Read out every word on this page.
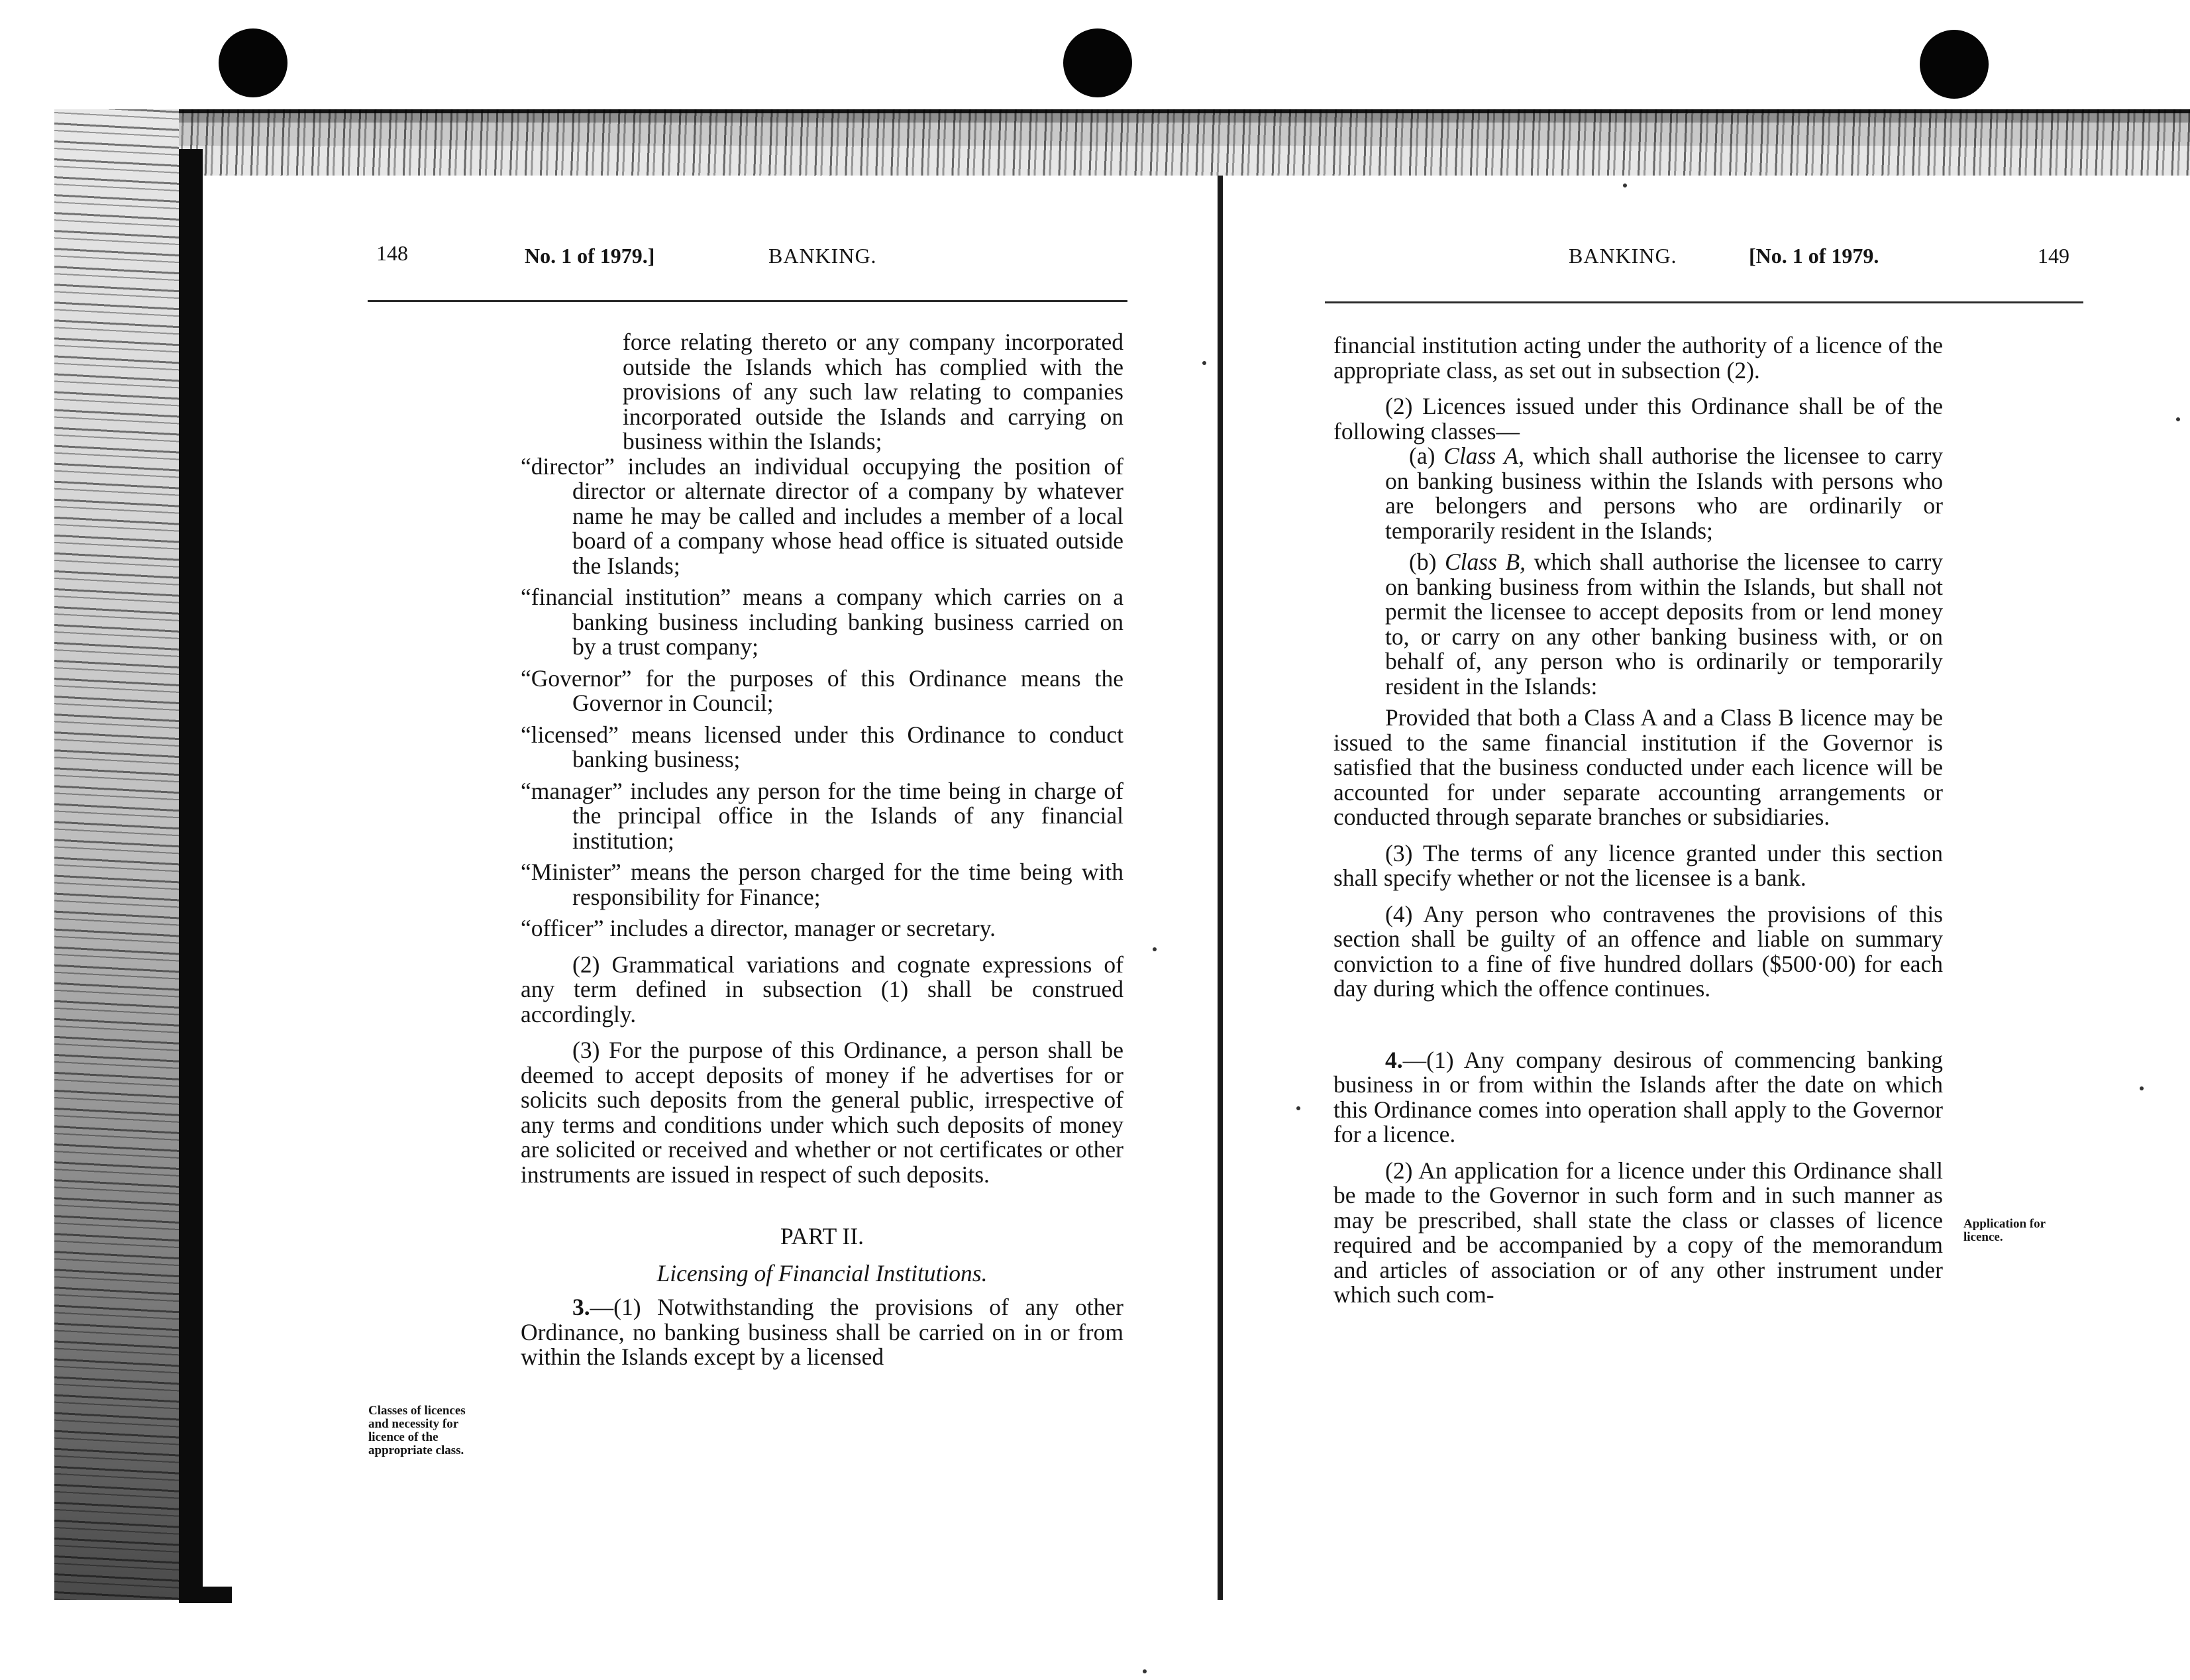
148	No. 1 of 1979.]	BANKING.

force relating thereto or any company incorporated outside the Islands which has complied with the provisions of any such law relating to companies incorporated outside the Islands and carrying on business within the Islands;

“director” includes an individual occupying the position of director or alternate director of a company by whatever name he may be called and includes a member of a local board of a company whose head office is situated outside the Islands;

“financial institution” means a company which carries on a banking business including banking business carried on by a trust company;

“Governor” for the purposes of this Ordinance means the Governor in Council;

“licensed” means licensed under this Ordinance to conduct banking business;

“manager” includes any person for the time being in charge of the principal office in the Islands of any financial institution;

“Minister” means the person charged for the time being with responsibility for Finance;

“officer” includes a director, manager or secretary.

(2) Grammatical variations and cognate expressions of any term defined in subsection (1) shall be construed accordingly.

(3) For the purpose of this Ordinance, a person shall be deemed to accept deposits of money if he advertises for or solicits such deposits from the general public, irrespective of any terms and conditions under which such deposits of money are solicited or received and whether or not certificates or other instruments are issued in respect of such deposits.

PART II.

Licensing of Financial Institutions.

3.—(1) Notwithstanding the provisions of any other Ordinance, no banking business shall be carried on in or from within the Islands except by a licensed

Classes of licences and necessity for licence of the appropriate class.
BANKING.	[No. 1 of 1979.	149

financial institution acting under the authority of a licence of the appropriate class, as set out in subsection (2).

(2) Licences issued under this Ordinance shall be of the following classes—

(a) Class A, which shall authorise the licensee to carry on banking business within the Islands with persons who are belongers and persons who are ordinarily or temporarily resident in the Islands;

(b) Class B, which shall authorise the licensee to carry on banking business from within the Islands, but shall not permit the licensee to accept deposits from or lend money to, or carry on any other banking business with, or on behalf of, any person who is ordinarily or temporarily resident in the Islands:

Provided that both a Class A and a Class B licence may be issued to the same financial institution if the Governor is satisfied that the business conducted under each licence will be accounted for under separate accounting arrangements or conducted through separate branches or subsidiaries.

(3) The terms of any licence granted under this section shall specify whether or not the licensee is a bank.

(4) Any person who contravenes the provisions of this section shall be guilty of an offence and liable on summary conviction to a fine of five hundred dollars ($500·00) for each day during which the offence continues.

4.—(1) Any company desirous of commencing banking business in or from within the Islands after the date on which this Ordinance comes into operation shall apply to the Governor for a licence.

(2) An application for a licence under this Ordinance shall be made to the Governor in such form and in such manner as may be prescribed, shall state the class or classes of licence required and be accompanied by a copy of the memorandum and articles of association or of any other instrument under which such com-

Application for licence.
